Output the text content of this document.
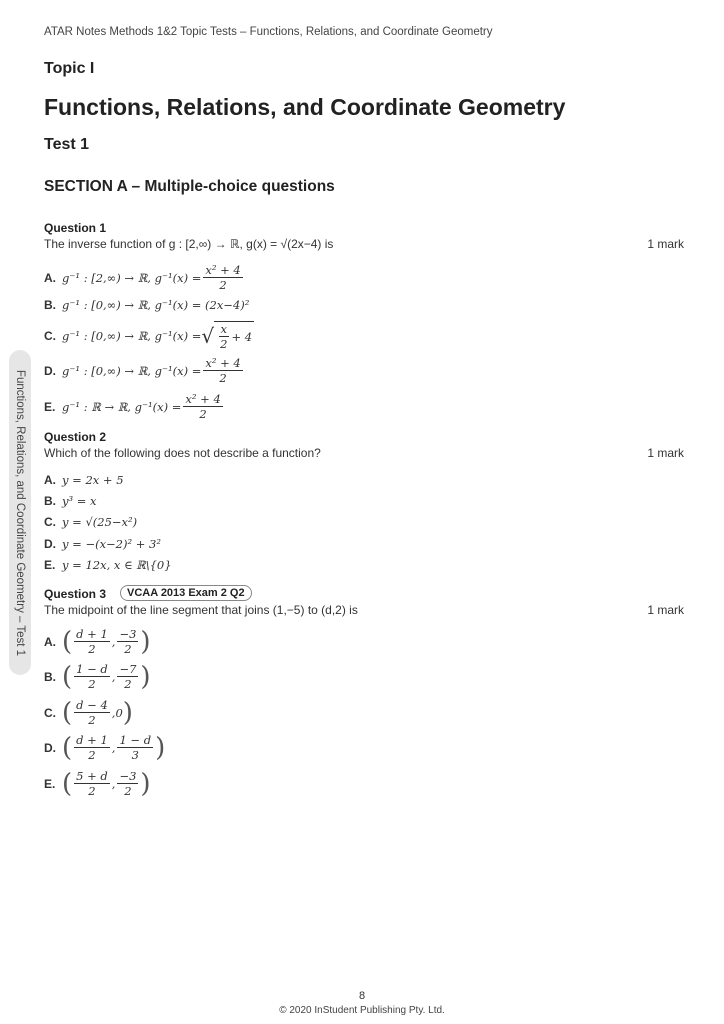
ATAR Notes Methods 1&2 Topic Tests – Functions, Relations, and Coordinate Geometry
Topic I
Functions, Relations, and Coordinate Geometry
Test 1
SECTION A – Multiple-choice questions
Functions, Relations, and Coordinate Geometry – Test 1
Question 1
The inverse function of g : [2,∞) → ℝ, g(x) = √(2x−4) is	1 mark
A. g⁻¹ : [2,∞) → ℝ, $g^{-1}(x) = \frac{\text{x² + 4}}{2}$
B. g⁻¹ : [0,∞) → ℝ, g⁻¹(x) = (2x−4)²
C. g⁻¹ : [0,∞) → ℝ, g⁻¹(x) = √ $\frac{x}{2} + 4$
D. g⁻¹ : [0,∞) → ℝ, $g^{-1}(x) = \frac{\text{x² + 4}}{2}$
E. g⁻¹ : ℝ → ℝ, $g^{-1}(x) = \frac{\text{x² + 4}}{2}$
Question 2
Which of the following does not describe a function?	1 mark
A. y = 2x + 5
B. y³ = x
C. y = √(25−x²)
D. y = −(x−2)² + 3²
E. y = 12x, x ∈ ℝ\{0}
Question 3	VCAA 2013 Exam 2 Q2
The midpoint of the line segment that joins (1,−5) to (d,2) is	1 mark
A. ( $\frac{d + 1}{2}$ , $\frac{-3}{2}$ )
B. ( $\frac{1 - d}{2}$ , $\frac{-7}{2}$ )
C. ( $\frac{d - 4}{2}$ , 0 )
D. ( $\frac{d + 1}{2}$ , $\frac{1 - d}{3}$ )
E. ( $\frac{5 + d}{2}$ , $\frac{-3}{2}$ )
8
© 2020 InStudent Publishing Pty. Ltd.
